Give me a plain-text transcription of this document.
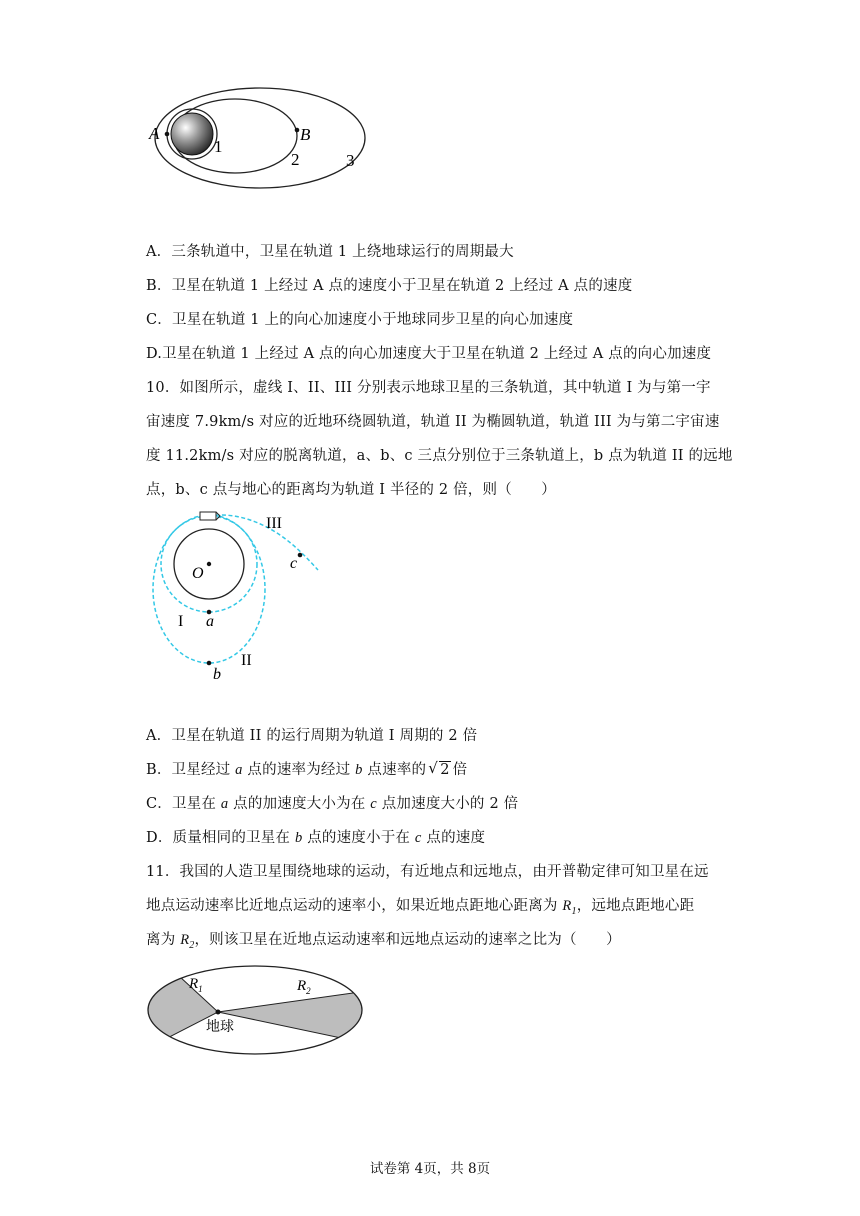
A	B
1
2	3
A．三条轨道中，卫星在轨道 1 上绕地球运行的周期最大
B．卫星在轨道 1 上经过 A 点的速度小于卫星在轨道 2 上经过 A 点的速度
C．卫星在轨道 1 上的向心加速度小于地球同步卫星的向心加速度
D.卫星在轨道 1 上经过 A 点的向心加速度大于卫星在轨道 2 上经过 A 点的向心加速度
10．如图所示，虚线 I、II、III 分别表示地球卫星的三条轨道，其中轨道 I 为与第一宇
宙速度 7.9km/s 对应的近地环绕圆轨道，轨道 II 为椭圆轨道，轨道 III 为与第二宇宙速
度 11.2km/s 对应的脱离轨道，a、b、c 三点分别位于三条轨道上，b 点为轨道 II 的远地
点，b、c 点与地心的距离均为轨道 I 半径的 2 倍，则（　　）
O
a
I
b
II
c
III
A．卫星在轨道 II 的运行周期为轨道 I 周期的 2 倍
B．卫星经过 a 点的速率为经过 b 点速率的 √ 2 倍
C．卫星在 a 点的加速度大小为在 c 点加速度大小的 2 倍
D．质量相同的卫星在 b 点的速度小于在 c 点的速度
11．我国的人造卫星围绕地球的运动，有近地点和远地点，由开普勒定律可知卫星在远
地点运动速率比近地点运动的速率小，如果近地点距地心距离为 $R_1$，远地点距地心距
离为 $R_2$，则该卫星在近地点运动速率和远地点运动的速率之比为（　　）
$R_1$	$R_2$
地球
试卷第 4页，共 8页
